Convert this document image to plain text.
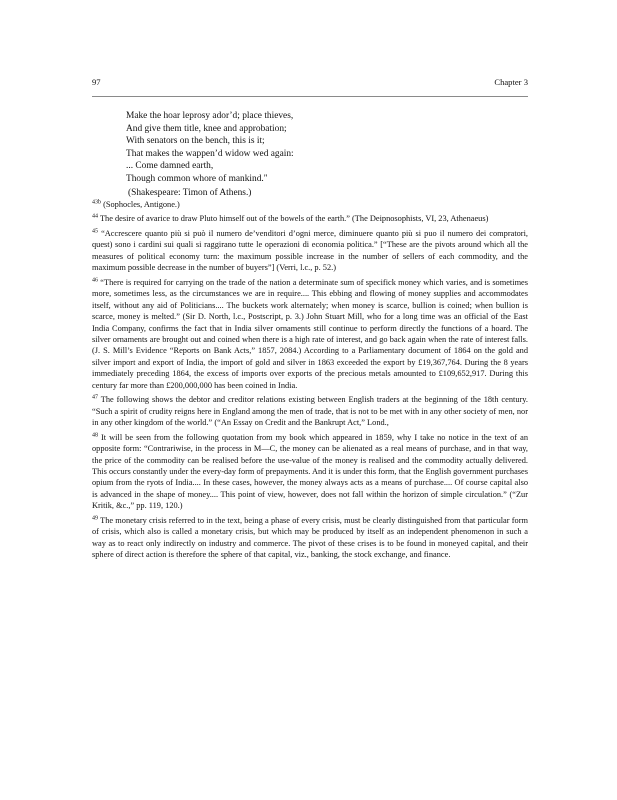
97	Chapter 3
Make the hoar leprosy ador’d; place thieves,
And give them title, knee and approbation;
With senators on the bench, this is it;
That makes the wappen’d widow wed again:
... Come damned earth,
Though common whore of mankind."
(Shakespeare: Timon of Athens.)

$^{43b}$ (Sophocles, Antigone.)

$^{44}$ The desire of avarice to draw Pluto himself out of the bowels of the earth.” (The Deipnosophists, VI, 23, Athenaeus)

$^{45}$ “Accrescere quanto più si può il numero de’venditori d’ogni merce, diminuere quanto più si puo il numero dei compratori, quest) sono i cardini sui quali si raggirano tutte le operazioni di economia politica.” [“These are the pivots around which all the measures of political economy turn: the maximum possible increase in the number of sellers of each commodity, and the maximum possible decrease in the number of buyers”] (Verri, l.c., p. 52.)

$^{46}$ “There is required for carrying on the trade of the nation a determinate sum of specifick money which varies, and is sometimes more, sometimes less, as the circumstances we are in require.... This ebbing and flowing of money supplies and accommodates itself, without any aid of Politicians.... The buckets work alternately; when money is scarce, bullion is coined; when bullion is scarce, money is melted.” (Sir D. North, l.c., Postscript, p. 3.) John Stuart Mill, who for a long time was an official of the East India Company, confirms the fact that in India silver ornaments still continue to perform directly the functions of a hoard. The silver ornaments are brought out and coined when there is a high rate of interest, and go back again when the rate of interest falls. (J. S. Mill’s Evidence “Reports on Bank Acts,” 1857, 2084.) According to a Parliamentary document of 1864 on the gold and silver import and export of India, the import of gold and silver in 1863 exceeded the export by £19,367,764. During the 8 years immediately preceding 1864, the excess of imports over exports of the precious metals amounted to £109,652,917. During this century far more than £200,000,000 has been coined in India.

$^{47}$ The following shows the debtor and creditor relations existing between English traders at the beginning of the 18th century. “Such a spirit of crudity reigns here in England among the men of trade, that is not to be met with in any other society of men, nor in any other kingdom of the world.” (“An Essay on Credit and the Bankrupt Act,” Lond.,

$^{48}$ It will be seen from the following quotation from my book which appeared in 1859, why I take no notice in the text of an opposite form: “Contrariwise, in the process in M—C, the money can be alienated as a real means of purchase, and in that way, the price of the commodity can be realised before the use-value of the money is realised and the commodity actually delivered. This occurs constantly under the every-day form of prepayments. And it is under this form, that the English government purchases opium from the ryots of India.... In these cases, however, the money always acts as a means of purchase.... Of course capital also is advanced in the shape of money.... This point of view, however, does not fall within the horizon of simple circulation.” (“Zur Kritik, &c.,” pp. 119, 120.)

$^{49}$ The monetary crisis referred to in the text, being a phase of every crisis, must be clearly distinguished from that particular form of crisis, which also is called a monetary crisis, but which may be produced by itself as an independent phenomenon in such a way as to react only indirectly on industry and commerce. The pivot of these crises is to be found in moneyed capital, and their sphere of direct action is therefore the sphere of that capital, viz., banking, the stock exchange, and finance.
